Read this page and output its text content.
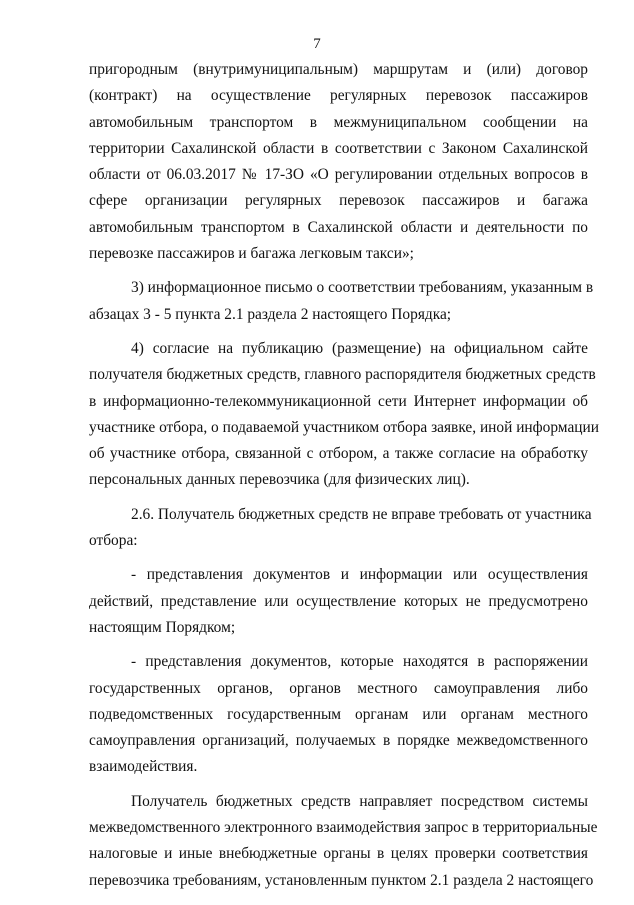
7
пригородным (внутримуниципальным) маршрутам и (или) договор
(контракт) на осуществление регулярных перевозок пассажиров
автомобильным транспортом в межмуниципальном сообщении на
территории Сахалинской области в соответствии с Законом Сахалинской
области от 06.03.2017 № 17-ЗО «О регулировании отдельных вопросов в
сфере организации регулярных перевозок пассажиров и багажа
автомобильным транспортом в Сахалинской области и деятельности по
перевозке пассажиров и багажа легковым такси»;
3) информационное письмо о соответствии требованиям, указанным в
абзацах 3 - 5 пункта 2.1 раздела 2 настоящего Порядка;
4) согласие на публикацию (размещение) на официальном сайте
получателя бюджетных средств, главного распорядителя бюджетных средств
в информационно-телекоммуникационной сети Интернет информации об
участнике отбора, о подаваемой участником отбора заявке, иной информации
об участнике отбора, связанной с отбором, а также согласие на обработку
персональных данных перевозчика (для физических лиц).
2.6. Получатель бюджетных средств не вправе требовать от участника
отбора:
- представления документов и информации или осуществления
действий, представление или осуществление которых не предусмотрено
настоящим Порядком;
- представления документов, которые находятся в распоряжении
государственных органов, органов местного самоуправления либо
подведомственных государственным органам или органам местного
самоуправления организаций, получаемых в порядке межведомственного
взаимодействия.
Получатель бюджетных средств направляет посредством системы
межведомственного электронного взаимодействия запрос в территориальные
налоговые и иные внебюджетные органы в целях проверки соответствия
перевозчика требованиям, установленным пунктом 2.1 раздела 2 настоящего
